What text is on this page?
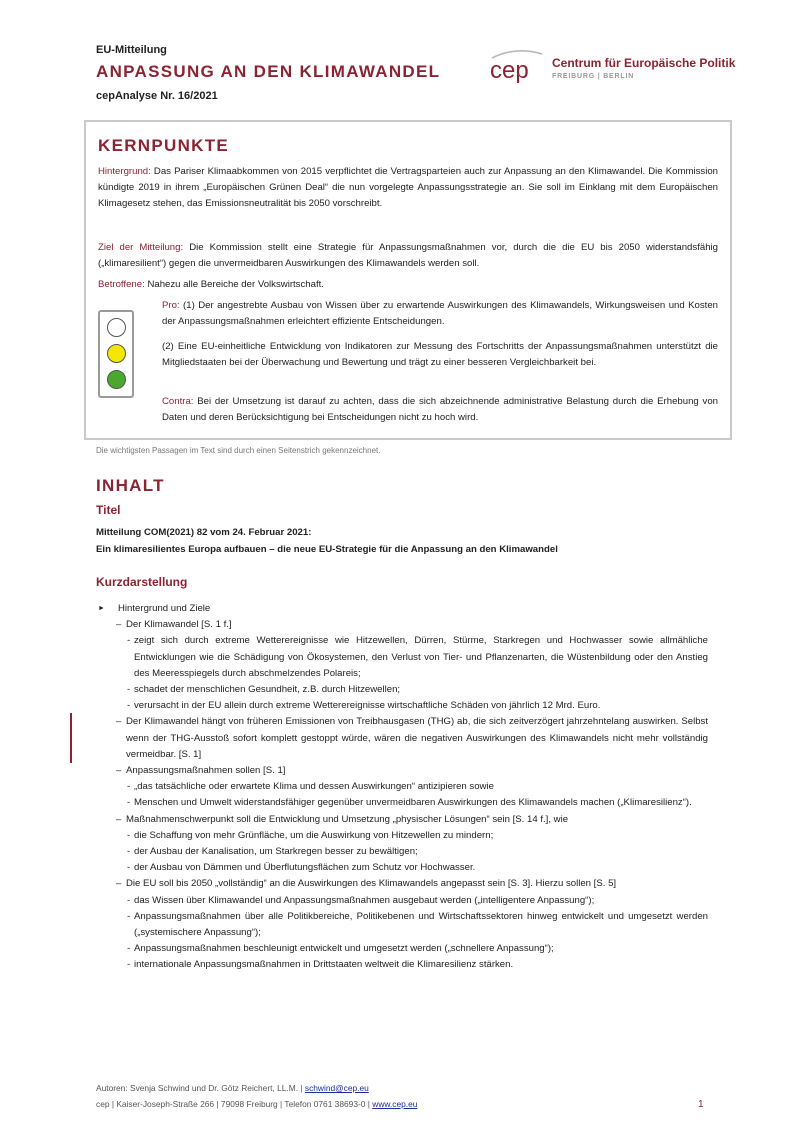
EU-Mitteilung
ANPASSUNG AN DEN KLIMAWANDEL
cepAnalyse Nr. 16/2021
cep Centrum für Europäische Politik
FREIBURG | BERLIN
KERNPUNKTE

Hintergrund: Das Pariser Klimaabkommen von 2015 verpflichtet die Vertragsparteien auch zur Anpassung an den Klimawandel. Die Kommission kündigte 2019 in ihrem „Europäischen Grünen Deal“ die nun vorgelegte Anpassungsstrategie an. Sie soll im Einklang mit dem Europäischen Klimagesetz stehen, das Emissionsneutralität bis 2050 vorschreibt.

Ziel der Mitteilung: Die Kommission stellt eine Strategie für Anpassungsmaßnahmen vor, durch die die EU bis 2050 widerstandsfähig („klimaresilient“) gegen die unvermeidbaren Auswirkungen des Klimawandels werden soll.

Betroffene: Nahezu alle Bereiche der Volkswirtschaft.

Pro: (1) Der angestrebte Ausbau von Wissen über zu erwartende Auswirkungen des Klimawandels, Wirkungsweisen und Kosten der Anpassungsmaßnahmen erleichtert effiziente Entscheidungen.

(2) Eine EU-einheitliche Entwicklung von Indikatoren zur Messung des Fortschritts der Anpassungsmaßnahmen unterstützt die Mitgliedstaaten bei der Überwachung und Bewertung und trägt zu einer besseren Vergleichbarkeit bei.

Contra: Bei der Umsetzung ist darauf zu achten, dass die sich abzeichnende administrative Belastung durch die Erhebung von Daten und deren Berücksichtigung bei Entscheidungen nicht zu hoch wird.

Die wichtigsten Passagen im Text sind durch einen Seitenstrich gekennzeichnet.
INHALT
Titel
Mitteilung COM(2021) 82 vom 24. Februar 2021:
Ein klimaresilientes Europa aufbauen – die neue EU-Strategie für die Anpassung an den Klimawandel
Kurzdarstellung
► Hintergrund und Ziele
– Der Klimawandel [S. 1 f.]
- zeigt sich durch extreme Wetterereignisse wie Hitzewellen, Dürren, Stürme, Starkregen und Hochwasser sowie allmähliche Entwicklungen wie die Schädigung von Ökosystemen, den Verlust von Tier- und Pflanzenarten, die Wüstenbildung oder den Anstieg des Meeresspiegels durch abschmelzendes Polareis;
- schadet der menschlichen Gesundheit, z.B. durch Hitzewellen;
- verursacht in der EU allein durch extreme Wetterereignisse wirtschaftliche Schäden von jährlich 12 Mrd. Euro.
– Der Klimawandel hängt von früheren Emissionen von Treibhausgasen (THG) ab, die sich zeitverzögert jahrzehntelang auswirken. Selbst wenn der THG-Ausstoß sofort komplett gestoppt würde, wären die negativen Auswirkungen des Klimawandels nicht mehr vollständig vermeidbar. [S. 1]
– Anpassungsmaßnahmen sollen [S. 1]
- „das tatsächliche oder erwartete Klima und dessen Auswirkungen“ antizipieren sowie
- Menschen und Umwelt widerstandsfähiger gegenüber unvermeidbaren Auswirkungen des Klimawandels machen („Klimaresilienz“).
– Maßnahmenschwerpunkt soll die Entwicklung und Umsetzung „physischer Lösungen“ sein [S. 14 f.], wie
- die Schaffung von mehr Grünfläche, um die Auswirkung von Hitzewellen zu mindern;
- der Ausbau der Kanalisation, um Starkregen besser zu bewältigen;
- der Ausbau von Dämmen und Überflutungsflächen zum Schutz vor Hochwasser.
– Die EU soll bis 2050 „vollständig“ an die Auswirkungen des Klimawandels angepasst sein [S. 3]. Hierzu sollen [S. 5]
- das Wissen über Klimawandel und Anpassungsmaßnahmen ausgebaut werden („intelligentere Anpassung“);
- Anpassungsmaßnahmen über alle Politikbereiche, Politikebenen und Wirtschaftssektoren hinweg entwickelt und umgesetzt werden („systemischere Anpassung“);
- Anpassungsmaßnahmen beschleunigt entwickelt und umgesetzt werden („schnellere Anpassung“);
- internationale Anpassungsmaßnahmen in Drittstaaten weltweit die Klimaresilienz stärken.
Autoren: Svenja Schwind und Dr. Götz Reichert, LL.M. | schwind@cep.eu
cep | Kaiser-Joseph-Straße 266 | 79098 Freiburg | Telefon 0761 38693-0 | www.cep.eu	1
